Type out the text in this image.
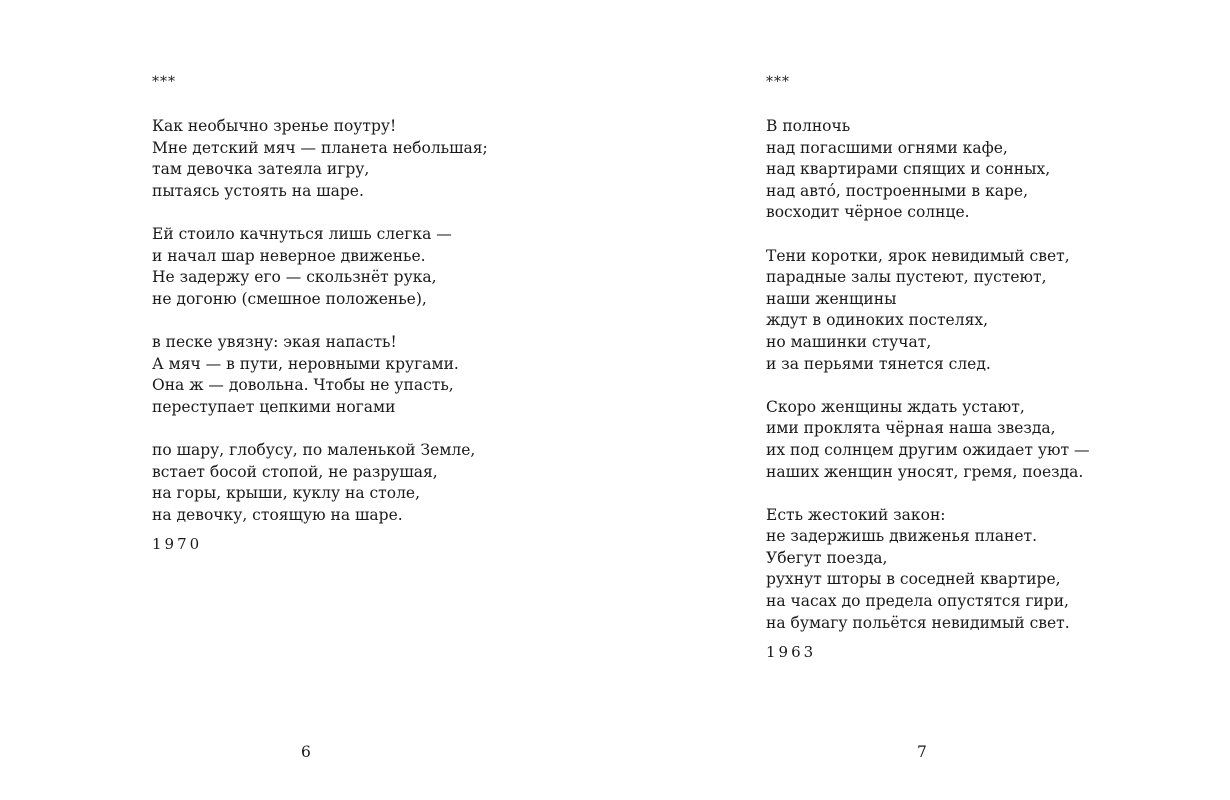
***
Как необычно зренье поутру!
Мне детский мяч — планета небольшая;
там девочка затеяла игру,
пытаясь устоять на шаре.
Ей стоило качнуться лишь слегка —
и начал шар неверное движенье.
Не задержу его — скользнёт рука,
не догоню (смешное положенье),
в песке увязну: экая напасть!
А мяч — в пути, неровными кругами.
Она ж — довольна. Чтобы не упасть,
переступает цепкими ногами
по шару, глобусу, по маленькой Земле,
встает босой стопой, не разрушая,
на горы, крыши, куклу на столе,
на девочку, стоящую на шаре.
1970
6
***
В полночь
над погасшими огнями кафе,
над квартирами спящих и сонных,
над авто́, построенными в каре,
восходит чёрное солнце.
Тени коротки, ярок невидимый свет,
парадные залы пустеют, пустеют,
наши женщины
ждут в одиноких постелях,
но машинки стучат,
и за перьями тянется след.
Скоро женщины ждать устают,
ими проклята чёрная наша звезда,
их под солнцем другим ожидает уют —
наших женщин уносят, гремя, поезда.
Есть жестокий закон:
не задержишь движенья планет.
Убегут поезда,
рухнут шторы в соседней квартире,
на часах до предела опустятся гири,
на бумагу польётся невидимый свет.
1963
7
